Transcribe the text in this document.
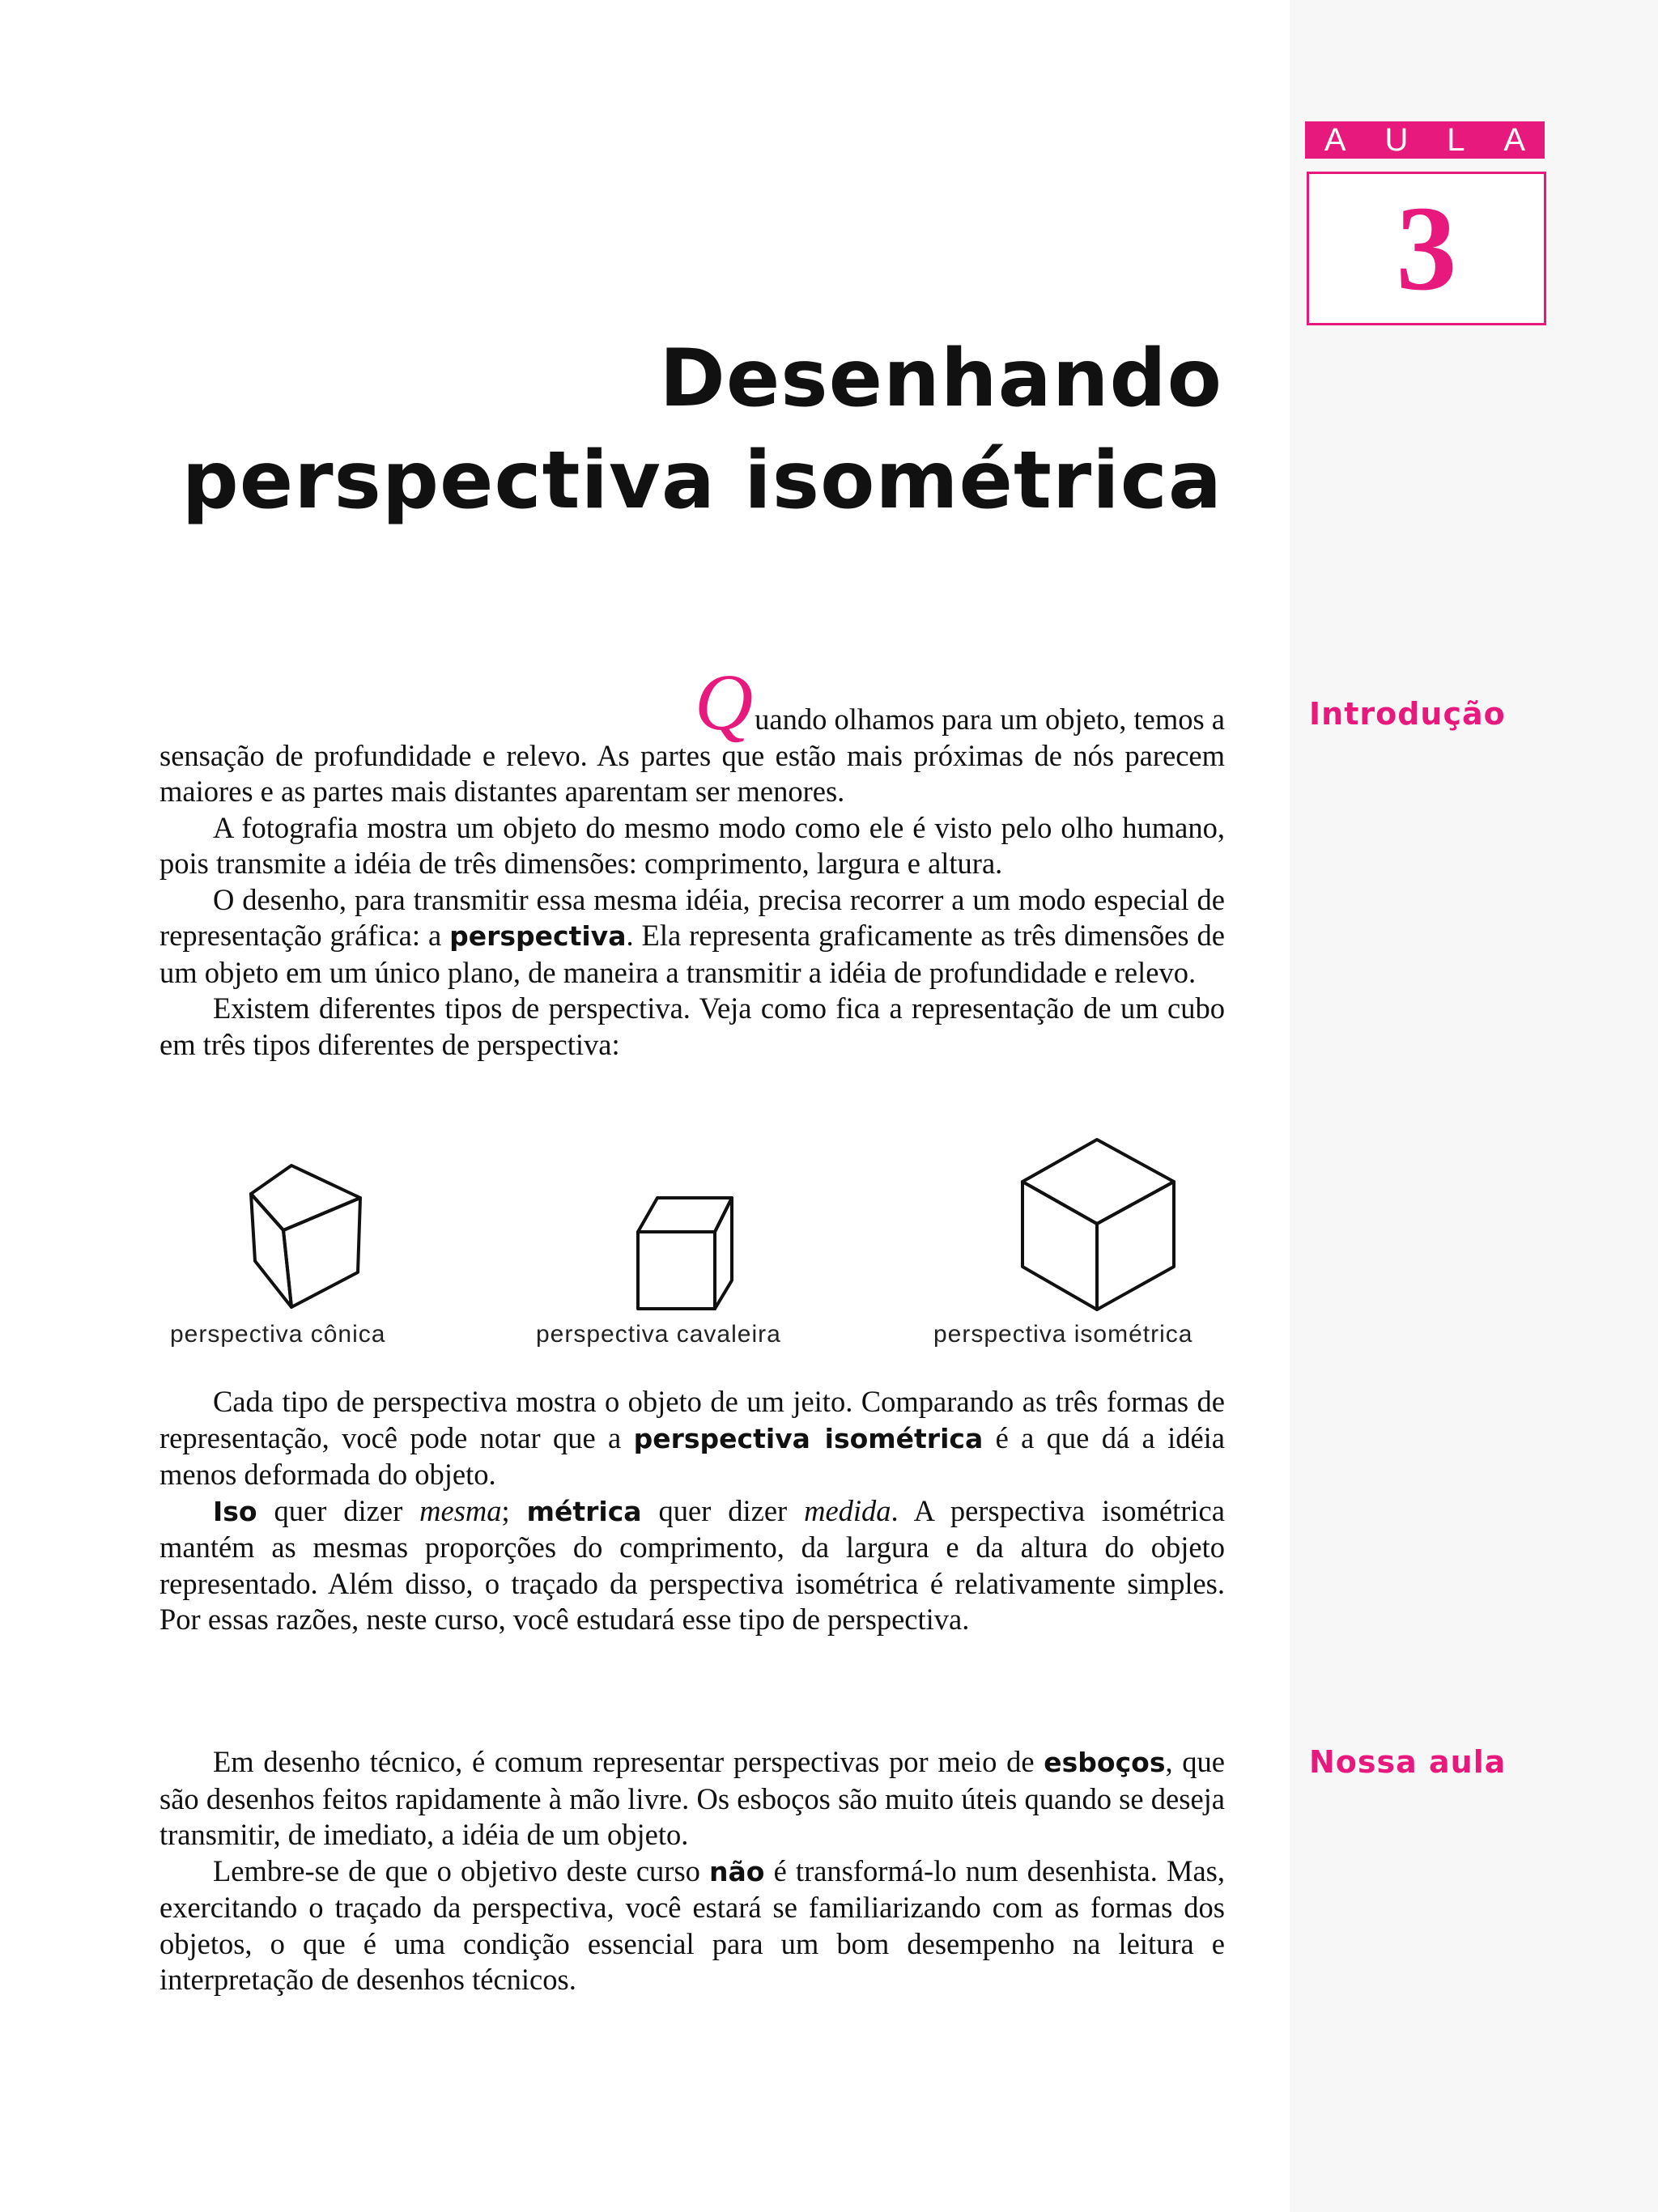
A U L A
3
Desenhando
perspectiva isométrica
Introdução
Nossa aula

Quando olhamos para um objeto, temos a

sensação de profundidade e relevo. As partes que estão mais próximas de nós parecem maiores e as partes mais distantes aparentam ser menores.

A fotografia mostra um objeto do mesmo modo como ele é visto pelo olho humano, pois transmite a idéia de três dimensões: comprimento, largura e altura.

O desenho, para transmitir essa mesma idéia, precisa recorrer a um modo especial de representação gráfica: a perspectiva. Ela representa graficamente as três dimensões de um objeto em um único plano, de maneira a transmitir a idéia de profundidade e relevo.

Existem diferentes tipos de perspectiva. Veja como fica a representação de um cubo em três tipos diferentes de perspectiva:

perspectiva cônica	perspectiva cavaleira	perspectiva isométrica

Cada tipo de perspectiva mostra o objeto de um jeito. Comparando as três formas de representação, você pode notar que a perspectiva isométrica é a que dá a idéia menos deformada do objeto.

Iso quer dizer mesma; métrica quer dizer medida. A perspectiva isométrica mantém as mesmas proporções do comprimento, da largura e da altura do objeto representado. Além disso, o traçado da perspectiva isométrica é relativamente simples. Por essas razões, neste curso, você estudará esse tipo de perspectiva.

Em desenho técnico, é comum representar perspectivas por meio de esboços, que são desenhos feitos rapidamente à mão livre. Os esboços são muito úteis quando se deseja transmitir, de imediato, a idéia de um objeto.

Lembre-se de que o objetivo deste curso não é transformá-lo num desenhista. Mas, exercitando o traçado da perspectiva, você estará se familiarizando com as formas dos objetos, o que é uma condição essencial para um bom desempenho na leitura e interpretação de desenhos técnicos.
